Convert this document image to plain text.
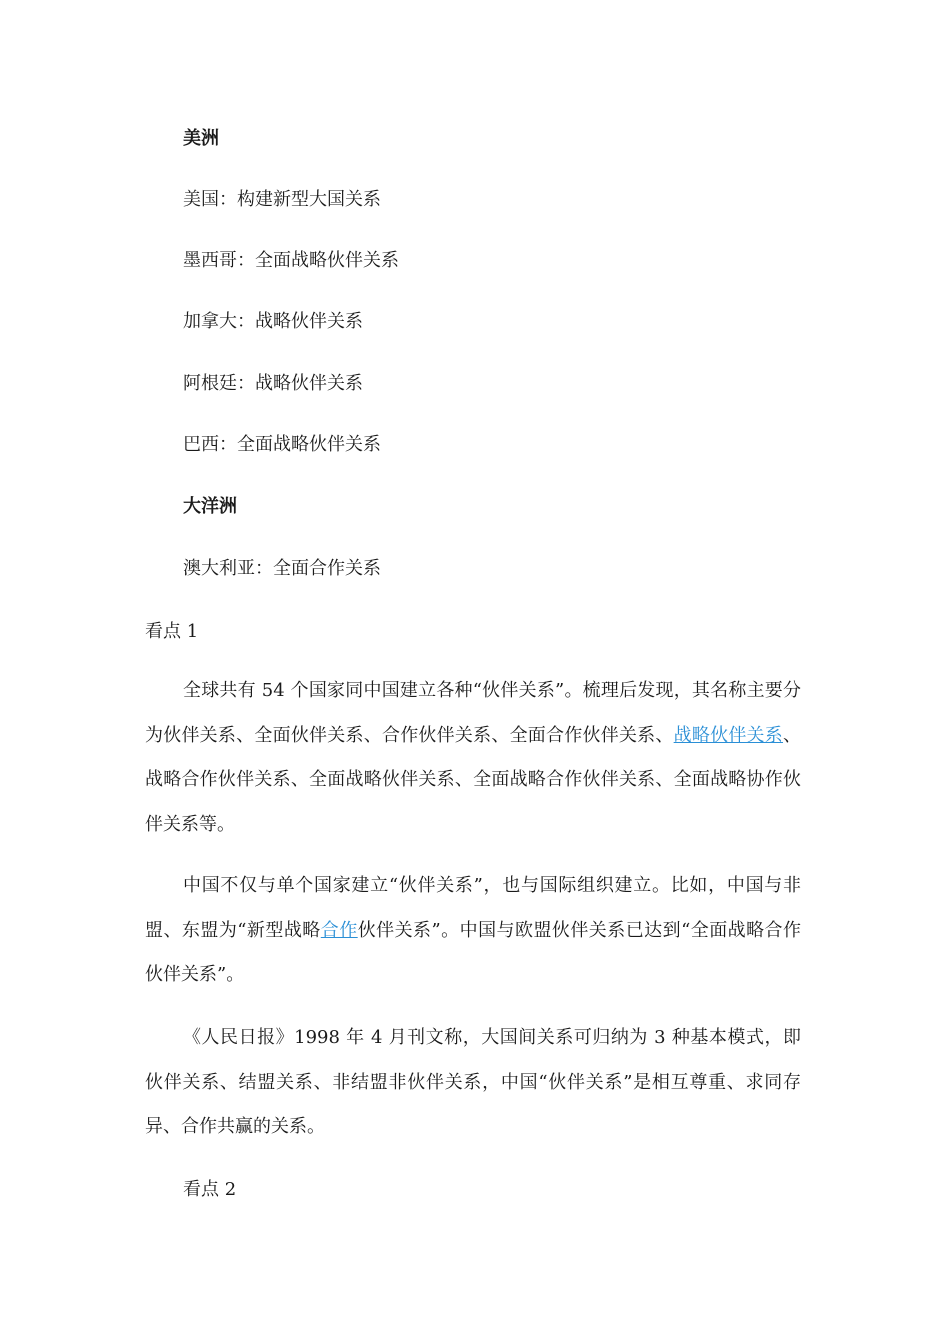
美洲
美国：构建新型大国关系
墨西哥：全面战略伙伴关系
加拿大：战略伙伴关系
阿根廷：战略伙伴关系
巴西：全面战略伙伴关系
大洋洲
澳大利亚：全面合作关系
看点 1
全球共有 54 个国家同中国建立各种“伙伴关系”。梳理后发现，其名称主要分为伙伴关系、全面伙伴关系、合作伙伴关系、全面合作伙伴关系、战略伙伴关系、战略合作伙伴关系、全面战略伙伴关系、全面战略合作伙伴关系、全面战略协作伙伴关系等。
中国不仅与单个国家建立“伙伴关系”，也与国际组织建立。比如，中国与非盟、东盟为“新型战略合作伙伴关系”。中国与欧盟伙伴关系已达到“全面战略合作伙伴关系”。
《人民日报》1998 年 4 月刊文称，大国间关系可归纳为 3 种基本模式，即伙伴关系、结盟关系、非结盟非伙伴关系，中国“伙伴关系”是相互尊重、求同存异、合作共赢的关系。
看点 2
